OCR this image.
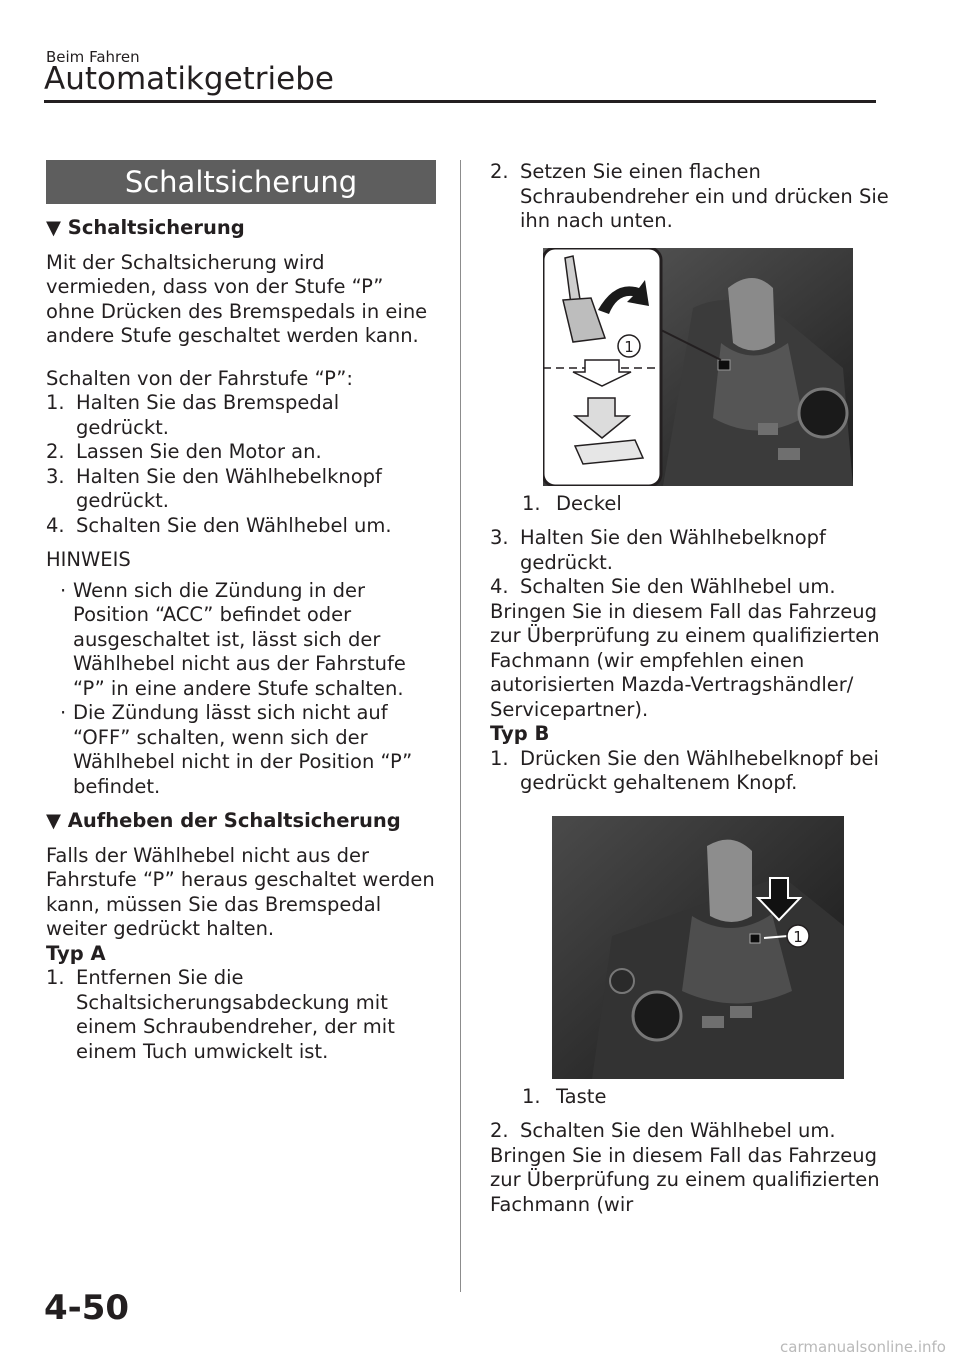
Beim Fahren
Automatikgetriebe
Schaltsicherung

▼ Schaltsicherung

Mit der Schaltsicherung wird vermieden, dass von der Stufe “P” ohne Drücken des Bremspedals in eine andere Stufe geschaltet werden kann.

Schalten von der Fahrstufe “P”:

1. Halten Sie das Bremspedal gedrückt.
2. Lassen Sie den Motor an.
3. Halten Sie den Wählhebelknopf gedrückt.
4. Schalten Sie den Wählhebel um.

HINWEIS

· Wenn sich die Zündung in der Position “ACC” befindet oder ausgeschaltet ist, lässt sich der Wählhebel nicht aus der Fahrstufe “P” in eine andere Stufe schalten.
· Die Zündung lässt sich nicht auf “OFF” schalten, wenn sich der Wählhebel nicht in der Position “P” befindet.

▼ Aufheben der Schaltsicherung

Falls der Wählhebel nicht aus der Fahrstufe “P” heraus geschaltet werden kann, müssen Sie das Bremspedal weiter gedrückt halten.

Typ A

1. Entfernen Sie die Schaltsicherungsabdeckung mit einem Schraubendreher, der mit einem Tuch umwickelt ist.
2. Setzen Sie einen flachen Schraubendreher ein und drücken Sie ihn nach unten.
1
1. Deckel
3. Halten Sie den Wählhebelknopf gedrückt.
4. Schalten Sie den Wählhebel um.

Bringen Sie in diesem Fall das Fahrzeug zur Überprüfung zu einem qualifizierten Fachmann (wir empfehlen einen autorisierten Mazda-Vertragshändler/ Servicepartner).

Typ B

1. Drücken Sie den Wählhebelknopf bei gedrückt gehaltenem Knopf.
1
1. Taste
2. Schalten Sie den Wählhebel um.

Bringen Sie in diesem Fall das Fahrzeug zur Überprüfung zu einem qualifizierten Fachmann (wir

4-50
carmanualsonline.info
